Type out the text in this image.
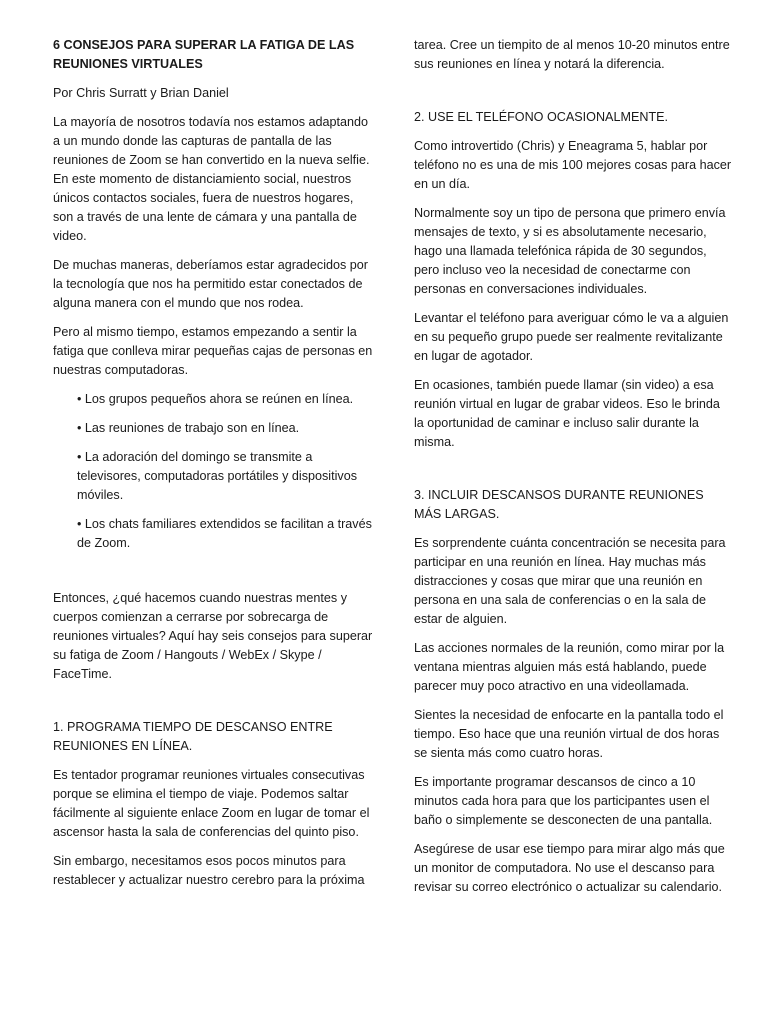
6 CONSEJOS PARA SUPERAR LA FATIGA DE LAS REUNIONES VIRTUALES

Por Chris Surratt y Brian Daniel

La mayoría de nosotros todavía nos estamos adaptando a un mundo donde las capturas de pantalla de las reuniones de Zoom se han convertido en la nueva selfie. En este momento de distanciamiento social, nuestros únicos contactos sociales, fuera de nuestros hogares, son a través de una lente de cámara y una pantalla de video.

De muchas maneras, deberíamos estar agradecidos por la tecnología que nos ha permitido estar conectados de alguna manera con el mundo que nos rodea.

Pero al mismo tiempo, estamos empezando a sentir la fatiga que conlleva mirar pequeñas cajas de personas en nuestras computadoras.

• Los grupos pequeños ahora se reúnen en línea.

• Las reuniones de trabajo son en línea.

• La adoración del domingo se transmite a televisores, computadoras portátiles y dispositivos móviles.

• Los chats familiares extendidos se facilitan a través de Zoom.

Entonces, ¿qué hacemos cuando nuestras mentes y cuerpos comienzan a cerrarse por sobrecarga de reuniones virtuales? Aquí hay seis consejos para superar su fatiga de Zoom / Hangouts / WebEx / Skype / FaceTime.

1. PROGRAMA TIEMPO DE DESCANSO ENTRE REUNIONES EN LÍNEA.

Es tentador programar reuniones virtuales consecutivas porque se elimina el tiempo de viaje. Podemos saltar fácilmente al siguiente enlace Zoom en lugar de tomar el ascensor hasta la sala de conferencias del quinto piso.

Sin embargo, necesitamos esos pocos minutos para restablecer y actualizar nuestro cerebro para la próxima

tarea. Cree un tiempito de al menos 10-20 minutos entre sus reuniones en línea y notará la diferencia.

2. USE EL TELÉFONO OCASIONALMENTE.

Como introvertido (Chris) y Eneagrama 5, hablar por teléfono no es una de mis 100 mejores cosas para hacer en un día.

Normalmente soy un tipo de persona que primero envía mensajes de texto, y si es absolutamente necesario, hago una llamada telefónica rápida de 30 segundos, pero incluso veo la necesidad de conectarme con personas en conversaciones individuales.

Levantar el teléfono para averiguar cómo le va a alguien en su pequeño grupo puede ser realmente revitalizante en lugar de agotador.

En ocasiones, también puede llamar (sin video) a esa reunión virtual en lugar de grabar videos. Eso le brinda la oportunidad de caminar e incluso salir durante la misma.

3. INCLUIR DESCANSOS DURANTE REUNIONES MÁS LARGAS.

Es sorprendente cuánta concentración se necesita para participar en una reunión en línea. Hay muchas más distracciones y cosas que mirar que una reunión en persona en una sala de conferencias o en la sala de estar de alguien.

Las acciones normales de la reunión, como mirar por la ventana mientras alguien más está hablando, puede parecer muy poco atractivo en una videollamada.

Sientes la necesidad de enfocarte en la pantalla todo el tiempo. Eso hace que una reunión virtual de dos horas se sienta más como cuatro horas.

Es importante programar descansos de cinco a 10 minutos cada hora para que los participantes usen el baño o simplemente se desconecten de una pantalla.

Asegúrese de usar ese tiempo para mirar algo más que un monitor de computadora. No use el descanso para revisar su correo electrónico o actualizar su calendario.
